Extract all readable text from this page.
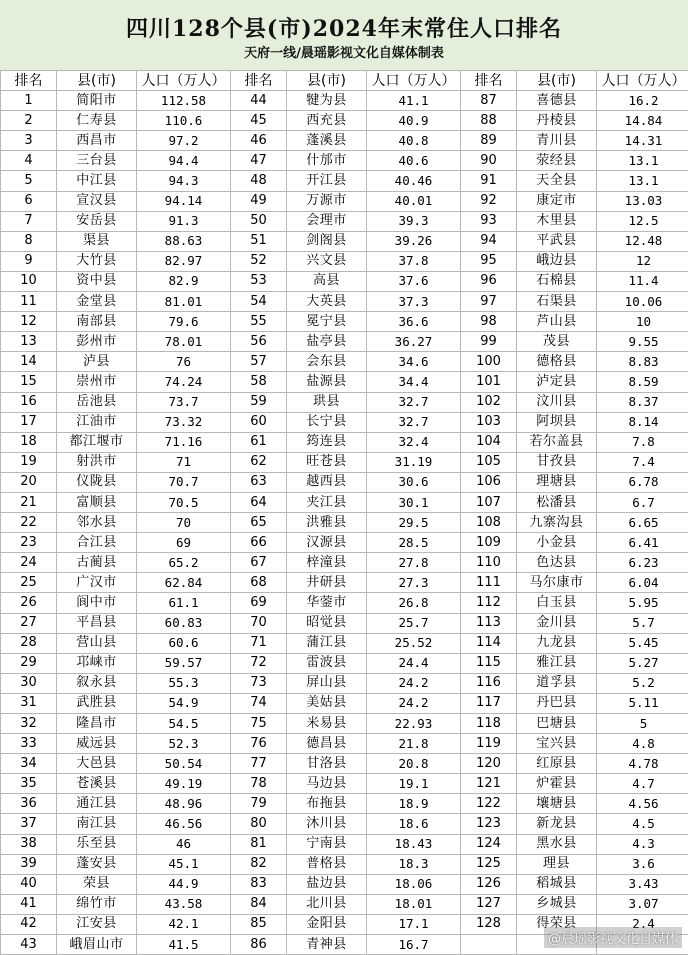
四川128个县(市)2024年末常住人口排名
天府一线/晨瑶影视文化自媒体制表
排名	县(市)	人口（万人）	排名	县(市)	人口（万人）	排名	县(市)	人口（万人）
1	简阳市	112.58	44	犍为县	41.1	87	喜德县	16.2
2	仁寿县	110.6	45	西充县	40.9	88	丹棱县	14.84
3	西昌市	97.2	46	蓬溪县	40.8	89	青川县	14.31
4	三台县	94.4	47	什邡市	40.6	90	荥经县	13.1
5	中江县	94.3	48	开江县	40.46	91	天全县	13.1
6	宣汉县	94.14	49	万源市	40.01	92	康定市	13.03
7	安岳县	91.3	50	会理市	39.3	93	木里县	12.5
8	渠县	88.63	51	剑阁县	39.26	94	平武县	12.48
9	大竹县	82.97	52	兴文县	37.8	95	峨边县	12
10	资中县	82.9	53	高县	37.6	96	石棉县	11.4
11	金堂县	81.01	54	大英县	37.3	97	石渠县	10.06
12	南部县	79.6	55	冕宁县	36.6	98	芦山县	10
13	彭州市	78.01	56	盐亭县	36.27	99	茂县	9.55
14	泸县	76	57	会东县	34.6	100	德格县	8.83
15	崇州市	74.24	58	盐源县	34.4	101	泸定县	8.59
16	岳池县	73.7	59	珙县	32.7	102	汶川县	8.37
17	江油市	73.32	60	长宁县	32.7	103	阿坝县	8.14
18	都江堰市	71.16	61	筠连县	32.4	104	若尔盖县	7.8
19	射洪市	71	62	旺苍县	31.19	105	甘孜县	7.4
20	仪陇县	70.7	63	越西县	30.6	106	理塘县	6.78
21	富顺县	70.5	64	夹江县	30.1	107	松潘县	6.7
22	邻水县	70	65	洪雅县	29.5	108	九寨沟县	6.65
23	合江县	69	66	汉源县	28.5	109	小金县	6.41
24	古蔺县	65.2	67	梓潼县	27.8	110	色达县	6.23
25	广汉市	62.84	68	井研县	27.3	111	马尔康市	6.04
26	阆中市	61.1	69	华蓥市	26.8	112	白玉县	5.95
27	平昌县	60.83	70	昭觉县	25.7	113	金川县	5.7
28	营山县	60.6	71	蒲江县	25.52	114	九龙县	5.45
29	邛崃市	59.57	72	雷波县	24.4	115	雅江县	5.27
30	叙永县	55.3	73	屏山县	24.2	116	道孚县	5.2
31	武胜县	54.9	74	美姑县	24.2	117	丹巴县	5.11
32	隆昌市	54.5	75	米易县	22.93	118	巴塘县	5
33	威远县	52.3	76	德昌县	21.8	119	宝兴县	4.8
34	大邑县	50.54	77	甘洛县	20.8	120	红原县	4.78
35	苍溪县	49.19	78	马边县	19.1	121	炉霍县	4.7
36	通江县	48.96	79	布拖县	18.9	122	壤塘县	4.56
37	南江县	46.56	80	沐川县	18.6	123	新龙县	4.5
38	乐至县	46	81	宁南县	18.43	124	黑水县	4.3
39	蓬安县	45.1	82	普格县	18.3	125	理县	3.6
40	荣县	44.9	83	盐边县	18.06	126	稻城县	3.43
41	绵竹市	43.58	84	北川县	18.01	127	乡城县	3.07
42	江安县	42.1	85	金阳县	17.1	128	得荣县	2.4
43	峨眉山市	41.5	86	青神县	16.7				@晨瑶影视文化自媒体
